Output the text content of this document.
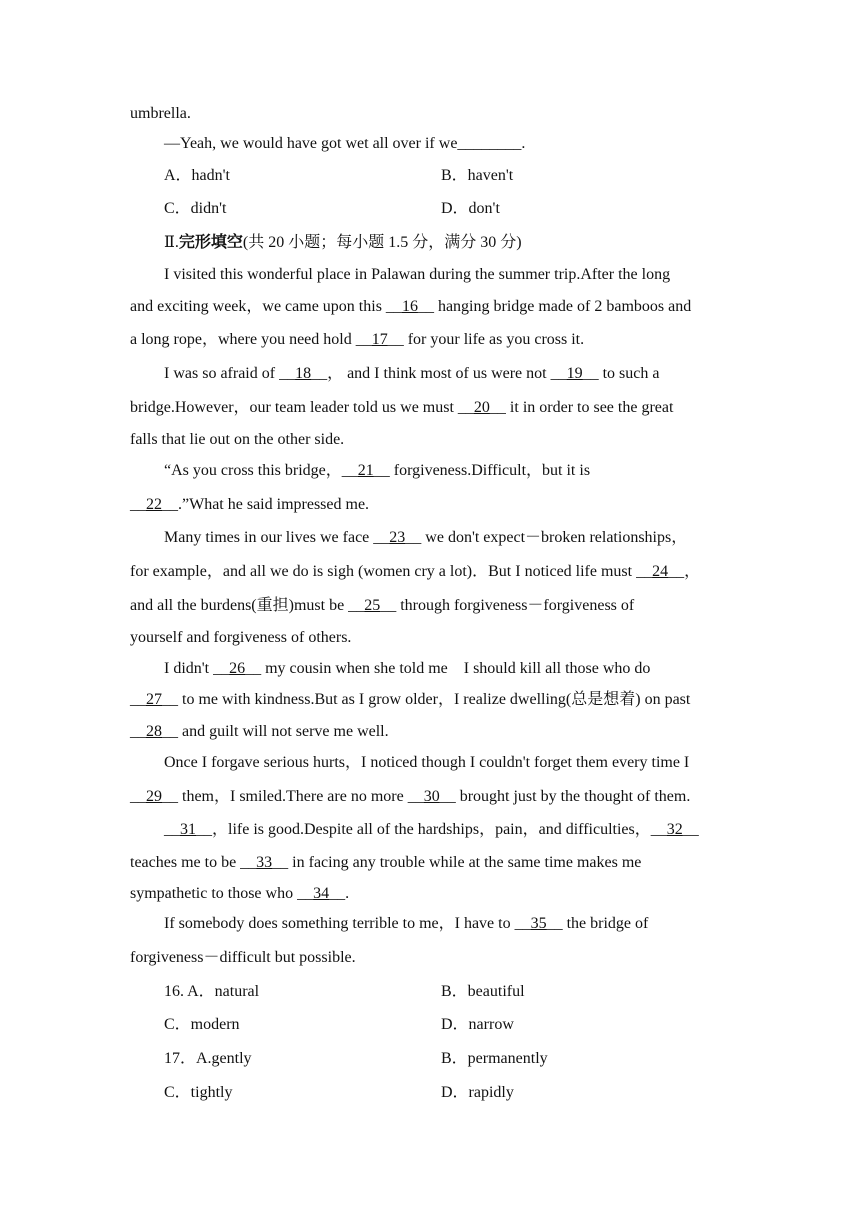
umbrella.
—Yeah, we would have got wet all over if we________.
A．hadn't	B．haven't
C．didn't	D．don't
Ⅱ.完形填空(共 20 小题；每小题 1.5 分，满分 30 分)
I visited this wonderful place in Palawan during the summer trip.After the long
and exciting week，we came upon this __16__ hanging bridge made of 2 bamboos and
a long rope，where you need hold __17__ for your life as you cross it.
I was so afraid of __18__， and I think most of us were not __19__ to such a
bridge.However，our team leader told us we must __20__ it in order to see the great
falls that lie out on the other side.
“As you cross this bridge，__21__ forgiveness.Difficult，but it is
__22__.”What he said impressed me.
Many times in our lives we face __23__ we don't expect－broken relationships，
for example，and all we do is sigh (women cry a lot)．But I noticed life must __24__，
and all the burdens(重担)must be __25__ through forgiveness－forgiveness of
yourself and forgiveness of others.
I didn't __26__ my cousin when she told me　I should kill all those who do
__27__ to me with kindness.But as I grow older，I realize dwelling(总是想着) on past
__28__ and guilt will not serve me well.
Once I forgave serious hurts，I noticed though I couldn't forget them every time I
__29__ them，I smiled.There are no more __30__ brought just by the thought of them.
__31__，life is good.Despite all of the hardships，pain，and difficulties，__32__
teaches me to be __33__ in facing any trouble while at the same time makes me
sympathetic to those who __34__.
If somebody does something terrible to me，I have to __35__ the bridge of
forgiveness－difficult but possible.
16. A．natural	B．beautiful
C．modern	D．narrow
17．A.gently	B．permanently
C．tightly	D．rapidly
